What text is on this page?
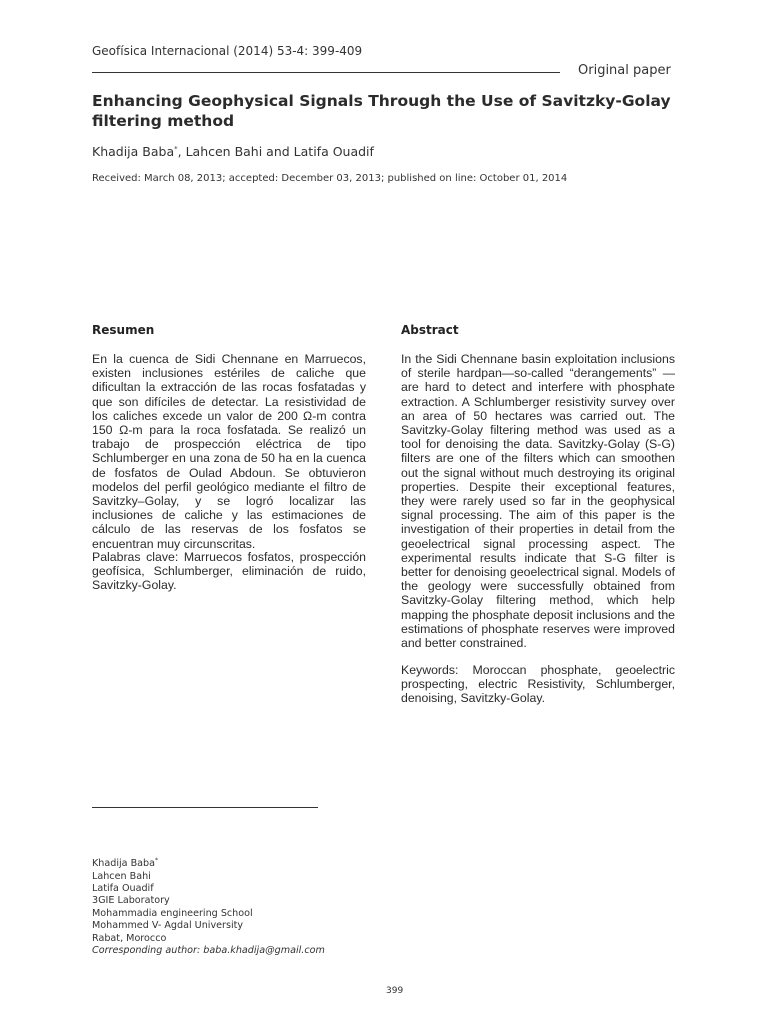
Geofísica Internacional (2014) 53-4: 399-409
Original paper
Enhancing Geophysical Signals Through the Use of Savitzky-Golay filtering method
Khadija Baba*, Lahcen Bahi and Latifa Ouadif
Received: March 08, 2013; accepted: December 03, 2013; published on line: October 01, 2014
Resumen

En la cuenca de Sidi Chennane en Marruecos, existen inclusiones estériles de caliche que dificultan la extracción de las rocas fosfatadas y que son difíciles de detectar. La resistividad de los caliches excede un valor de 200 Ω-m contra 150 Ω-m para la roca fosfatada. Se realizó un trabajo de prospección eléctrica de tipo Schlumberger en una zona de 50 ha en la cuenca de fosfatos de Oulad Abdoun. Se obtuvieron modelos del perfil geológico mediante el filtro de Savitzky–Golay, y se logró localizar las inclusiones de caliche y las estimaciones de cálculo de las reservas de los fosfatos se encuentran muy circunscritas.

Palabras clave: Marruecos fosfatos, prospección geofísica, Schlumberger, eliminación de ruido, Savitzky-Golay.

Abstract

In the Sidi Chennane basin exploitation inclusions of sterile hardpan—so-called “derangements” — are hard to detect and interfere with phosphate extraction. A Schlumberger resistivity survey over an area of 50 hectares was carried out. The Savitzky-Golay filtering method was used as a tool for denoising the data. Savitzky-Golay (S-G) filters are one of the filters which can smoothen out the signal without much destroying its original properties. Despite their exceptional features, they were rarely used so far in the geophysical signal processing. The aim of this paper is the investigation of their properties in detail from the geoelectrical signal processing aspect. The experimental results indicate that S-G filter is better for denoising geoelectrical signal. Models of the geology were successfully obtained from Savitzky-Golay filtering method, which help mapping the phosphate deposit inclusions and the estimations of phosphate reserves were improved and better constrained.

Keywords: Moroccan phosphate, geoelectric prospecting, electric Resistivity, Schlumberger, denoising, Savitzky-Golay.

Khadija Baba*
Lahcen Bahi
Latifa Ouadif
3GIE Laboratory
Mohammadia engineering School
Mohammed V- Agdal University
Rabat, Morocco
Corresponding author: baba.khadija@gmail.com
399
